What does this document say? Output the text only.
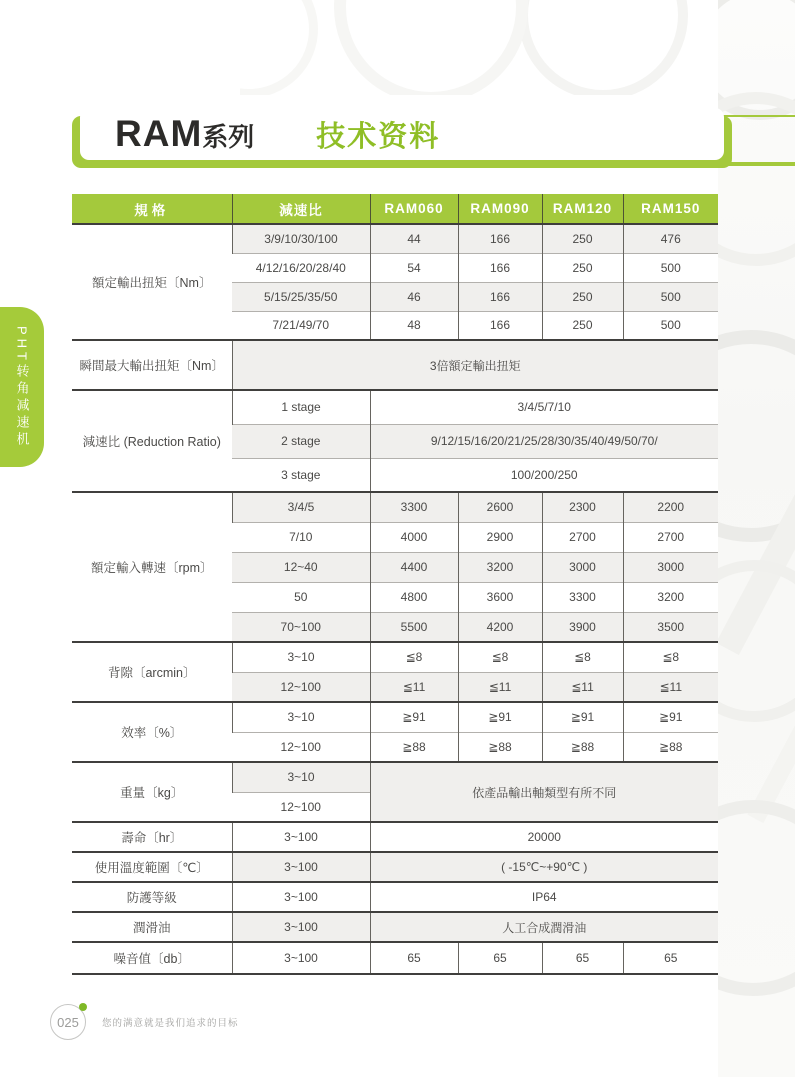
RAM 系列 技术资料
PHT转角减速机
規格	減速比	RAM060	RAM090	RAM120	RAM150
額定輸出扭矩〔Nm〕	3/9/10/30/100	44	166	250	476
	4/12/16/20/28/40	54	166	250	500
	5/15/25/35/50	46	166	250	500
	7/21/49/70	48	166	250	500
瞬間最大輸出扭矩〔Nm〕	3倍額定輸出扭矩				
減速比 (Reduction Ratio)	1 stage	3/4/5/7/10			
	2 stage	9/12/15/16/20/21/25/28/30/35/40/49/50/70/			
	3 stage	100/200/250			
額定輸入轉速〔rpm〕	3/4/5	3300	2600	2300	2200
	7/10	4000	2900	2700	2700
	12~40	4400	3200	3000	3000
	50	4800	3600	3300	3200
	70~100	5500	4200	3900	3500
背隙〔arcmin〕	3~10	≦8	≦8	≦8	≦8
	12~100	≦11	≦11	≦11	≦11
效率〔%〕	3~10	≧91	≧91	≧91	≧91
	12~100	≧88	≧88	≧88	≧88
重量〔kg〕	3~10	依產品輸出軸類型有所不同			
	12~100				
壽命〔hr〕	3~100	20000			
使用溫度範圍〔℃〕	3~100	( -15℃~+90℃ )			
防護等級	3~100	IP64			
潤滑油	3~100	人工合成潤滑油			
噪音值〔db〕	3~100	65	65	65	65
025 您的满意就是我们追求的目标
